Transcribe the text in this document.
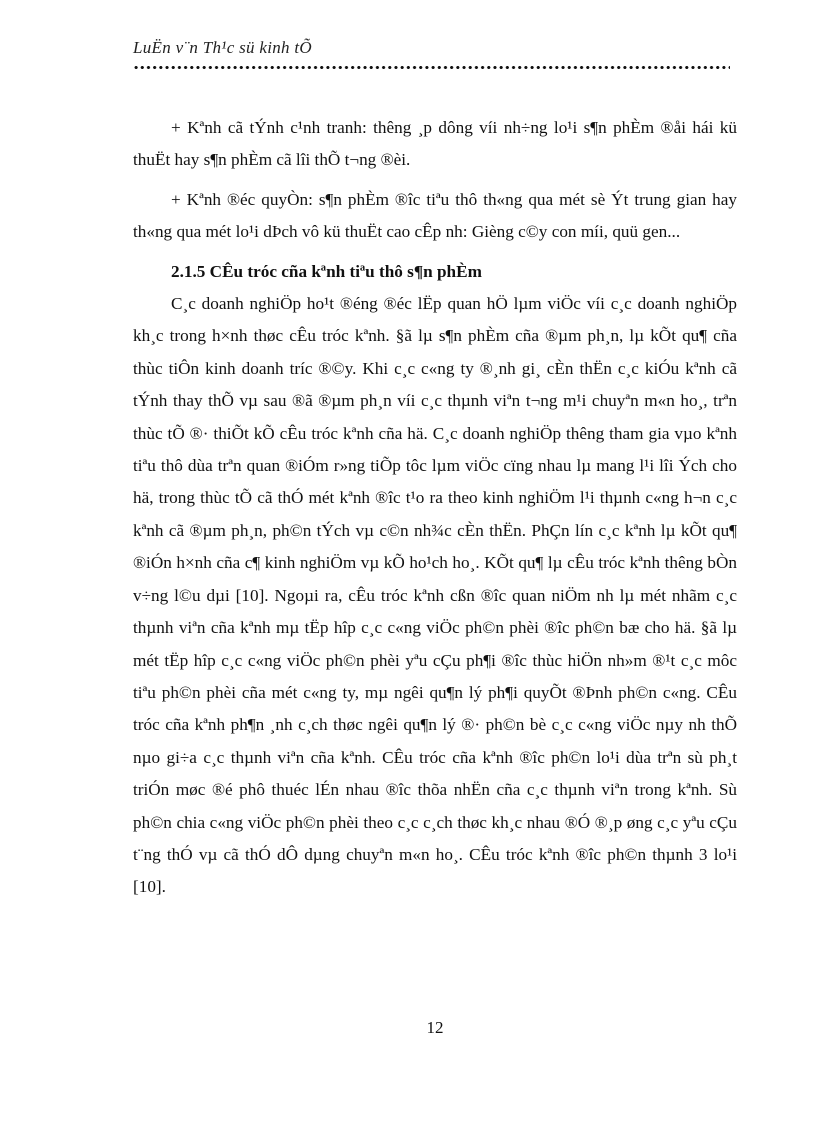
LuËn v¨n Th¹c sü kinh tÕ

+ Kªnh cã tÝnh c¹nh tranh: thêng ¸p dông víi nh÷ng lo¹i s¶n phÈm ®åi hái kü thuËt hay s¶n phÈm cã lîi thÕ t¬ng ®èi.

+ Kªnh ®éc quyÒn: s¶n phÈm ®îc tiªu thô th«ng qua mét sè Ýt trung gian hay th«ng qua mét lo¹i dÞch vô kü thuËt cao cÊp nh: Gièng c©y con míi, quü gen...

2.1.5 CÊu tróc cña kªnh tiªu thô s¶n phÈm

C¸c doanh nghiÖp ho¹t ®éng ®éc lËp quan hÖ lµm viÖc víi c¸c doanh nghiÖp kh¸c trong h×nh thøc cÊu tróc kªnh. §ã lµ s¶n phÈm cña ®µm ph¸n, lµ kÕt qu¶ cña thùc tiÔn kinh doanh tríc ®©y. Khi c¸c c«ng ty ®¸nh gi¸ cÈn thËn c¸c kiÓu kªnh cã tÝnh thay thÕ vµ sau ®ã ®µm ph¸n víi c¸c thµnh viªn t¬ng m¹i chuyªn m«n ho¸, trªn thùc tÕ ®· thiÕt kÕ cÊu tróc kªnh cña hä. C¸c doanh nghiÖp thêng tham gia vµo kªnh tiªu thô dùa trªn quan ®iÓm r»ng tiÕp tôc lµm viÖc cïng nhau lµ mang l¹i lîi Ých cho hä, trong thùc tÕ cã thÓ mét kªnh ®îc t¹o ra theo kinh nghiÖm l¹i thµnh c«ng h¬n c¸c kªnh cã ®µm ph¸n, ph©n tÝch vµ c©n nh¾c cÈn thËn. PhÇn lín c¸c kªnh lµ kÕt qu¶ ®iÓn h×nh cña c¶ kinh nghiÖm vµ kÕ ho¹ch ho¸. KÕt qu¶ lµ cÊu tróc kªnh thêng bÒn v÷ng l©u dµi [10]. Ngoµi ra, cÊu tróc kªnh cßn ®îc quan niÖm nh lµ mét nhãm c¸c thµnh viªn cña kªnh mµ tËp hîp c¸c c«ng viÖc ph©n phèi ®îc ph©n bæ cho hä. §ã lµ mét tËp hîp c¸c c«ng viÖc ph©n phèi yªu cÇu ph¶i ®îc thùc hiÖn nh»m ®¹t c¸c môc tiªu ph©n phèi cña mét c«ng ty, mµ ngêi qu¶n lý ph¶i quyÕt ®Þnh ph©n c«ng. CÊu tróc cña kªnh ph¶n ¸nh c¸ch thøc ngêi qu¶n lý ®· ph©n bè c¸c c«ng viÖc nµy nh thÕ nµo gi÷a c¸c thµnh viªn cña kªnh. CÊu tróc cña kªnh ®îc ph©n lo¹i dùa trªn sù ph¸t triÓn møc ®é phô thuéc lÉn nhau ®îc thõa nhËn cña c¸c thµnh viªn trong kªnh. Sù ph©n chia c«ng viÖc ph©n phèi theo c¸c c¸ch thøc kh¸c nhau ®Ó ®¸p øng c¸c yªu cÇu t¨ng thÓ vµ cã thÓ dÔ dµng chuyªn m«n ho¸. CÊu tróc kªnh ®îc ph©n thµnh 3 lo¹i [10].

12
